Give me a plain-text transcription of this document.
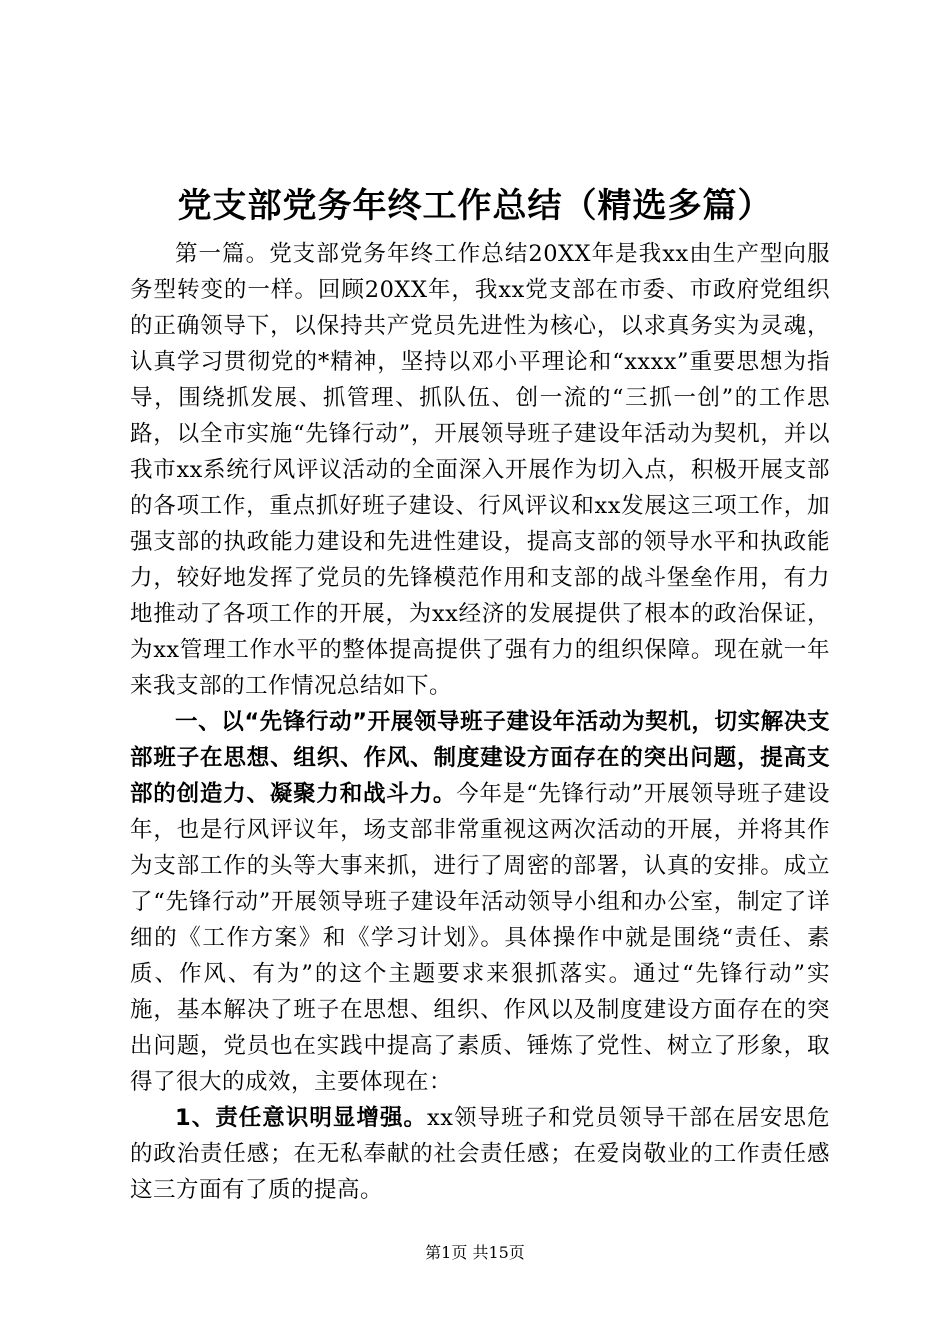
党支部党务年终工作总结（精选多篇）

第一篇。党支部党务年终工作总结20XX年是我xx由生产型向服务型转变的一样。回顾20XX年，我xx党支部在市委、市政府党组织的正确领导下，以保持共产党员先进性为核心，以求真务实为灵魂，认真学习贯彻党的*精神，坚持以邓小平理论和“xxxx”重要思想为指导，围绕抓发展、抓管理、抓队伍、创一流的“三抓一创”的工作思路，以全市实施“先锋行动”，开展领导班子建设年活动为契机，并以我市xx系统行风评议活动的全面深入开展作为切入点，积极开展支部的各项工作，重点抓好班子建设、行风评议和xx发展这三项工作，加强支部的执政能力建设和先进性建设，提高支部的领导水平和执政能力，较好地发挥了党员的先锋模范作用和支部的战斗堡垒作用，有力地推动了各项工作的开展，为xx经济的发展提供了根本的政治保证，为xx管理工作水平的整体提高提供了强有力的组织保障。现在就一年来我支部的工作情况总结如下。

一、以“先锋行动”开展领导班子建设年活动为契机，切实解决支部班子在思想、组织、作风、制度建设方面存在的突出问题，提高支部的创造力、凝聚力和战斗力。今年是“先锋行动”开展领导班子建设年，也是行风评议年，场支部非常重视这两次活动的开展，并将其作为支部工作的头等大事来抓，进行了周密的部署，认真的安排。成立了“先锋行动”开展领导班子建设年活动领导小组和办公室，制定了详细的《工作方案》和《学习计划》。具体操作中就是围绕“责任、素质、作风、有为”的这个主题要求来狠抓落实。通过“先锋行动”实施，基本解决了班子在思想、组织、作风以及制度建设方面存在的突出问题，党员也在实践中提高了素质、锤炼了党性、树立了形象，取得了很大的成效，主要体现在：

1、责任意识明显增强。xx领导班子和党员领导干部在居安思危的政治责任感；在无私奉献的社会责任感；在爱岗敬业的工作责任感这三方面有了质的提高。

第1页 共15页
